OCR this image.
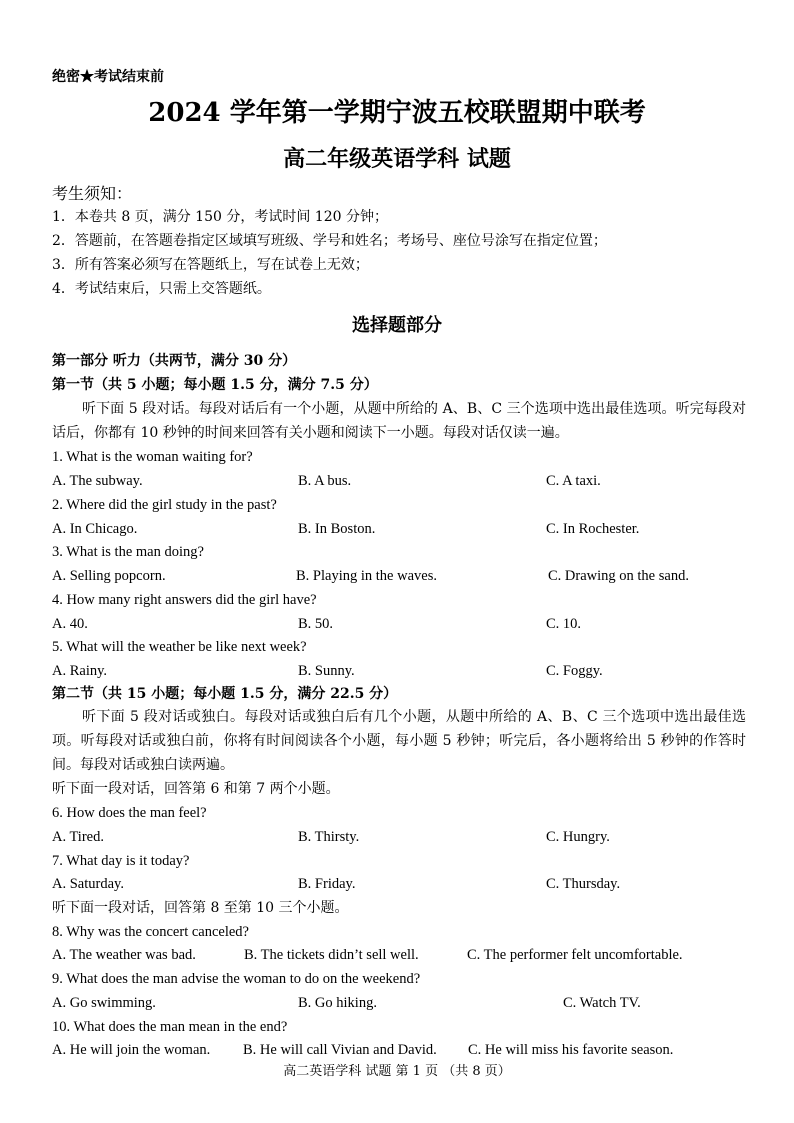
绝密★考试结束前
2024 学年第一学期宁波五校联盟期中联考
高二年级英语学科 试题
考生须知：
1．本卷共 8 页，满分 150 分，考试时间 120 分钟；
2．答题前，在答题卷指定区域填写班级、学号和姓名；考场号、座位号涂写在指定位置；
3．所有答案必须写在答题纸上，写在试卷上无效；
4．考试结束后，只需上交答题纸。
选择题部分
第一部分 听力（共两节，满分 30 分）
第一节（共 5 小题；每小题 1.5 分，满分 7.5 分）
听下面 5 段对话。每段对话后有一个小题，从题中所给的 A、B、C 三个选项中选出最佳选项。听完每段对话后，你都有 10 秒钟的时间来回答有关小题和阅读下一小题。每段对话仅读一遍。
1. What is the woman waiting for?
A. The subway.	B. A bus.	C. A taxi.
2. Where did the girl study in the past?
A. In Chicago.	B. In Boston.	C. In Rochester.
3. What is the man doing?
A. Selling popcorn.	B. Playing in the waves.	C. Drawing on the sand.
4. How many right answers did the girl have?
A. 40.	B. 50.	C. 10.
5. What will the weather be like next week?
A. Rainy.	B. Sunny.	C. Foggy.
第二节（共 15 小题；每小题 1.5 分，满分 22.5 分）
听下面 5 段对话或独白。每段对话或独白后有几个小题，从题中所给的 A、B、C 三个选项中选出最佳选项。听每段对话或独白前，你将有时间阅读各个小题，每小题 5 秒钟；听完后，各小题将给出 5 秒钟的作答时间。每段对话或独白读两遍。
听下面一段对话，回答第 6 和第 7 两个小题。
6. How does the man feel?
A. Tired.	B. Thirsty.	C. Hungry.
7. What day is it today?
A. Saturday.	B. Friday.	C. Thursday.
听下面一段对话，回答第 8 至第 10 三个小题。
8. Why was the concert canceled?
A. The weather was bad.	B. The tickets didn’t sell well.	C. The performer felt uncomfortable.
9. What does the man advise the woman to do on the weekend?
A. Go swimming.	B. Go hiking.	C. Watch TV.
10. What does the man mean in the end?
A. He will join the woman. B. He will call Vivian and David. C. He will miss his favorite season.
高二英语学科 试题 第 1 页 （共 8 页）
